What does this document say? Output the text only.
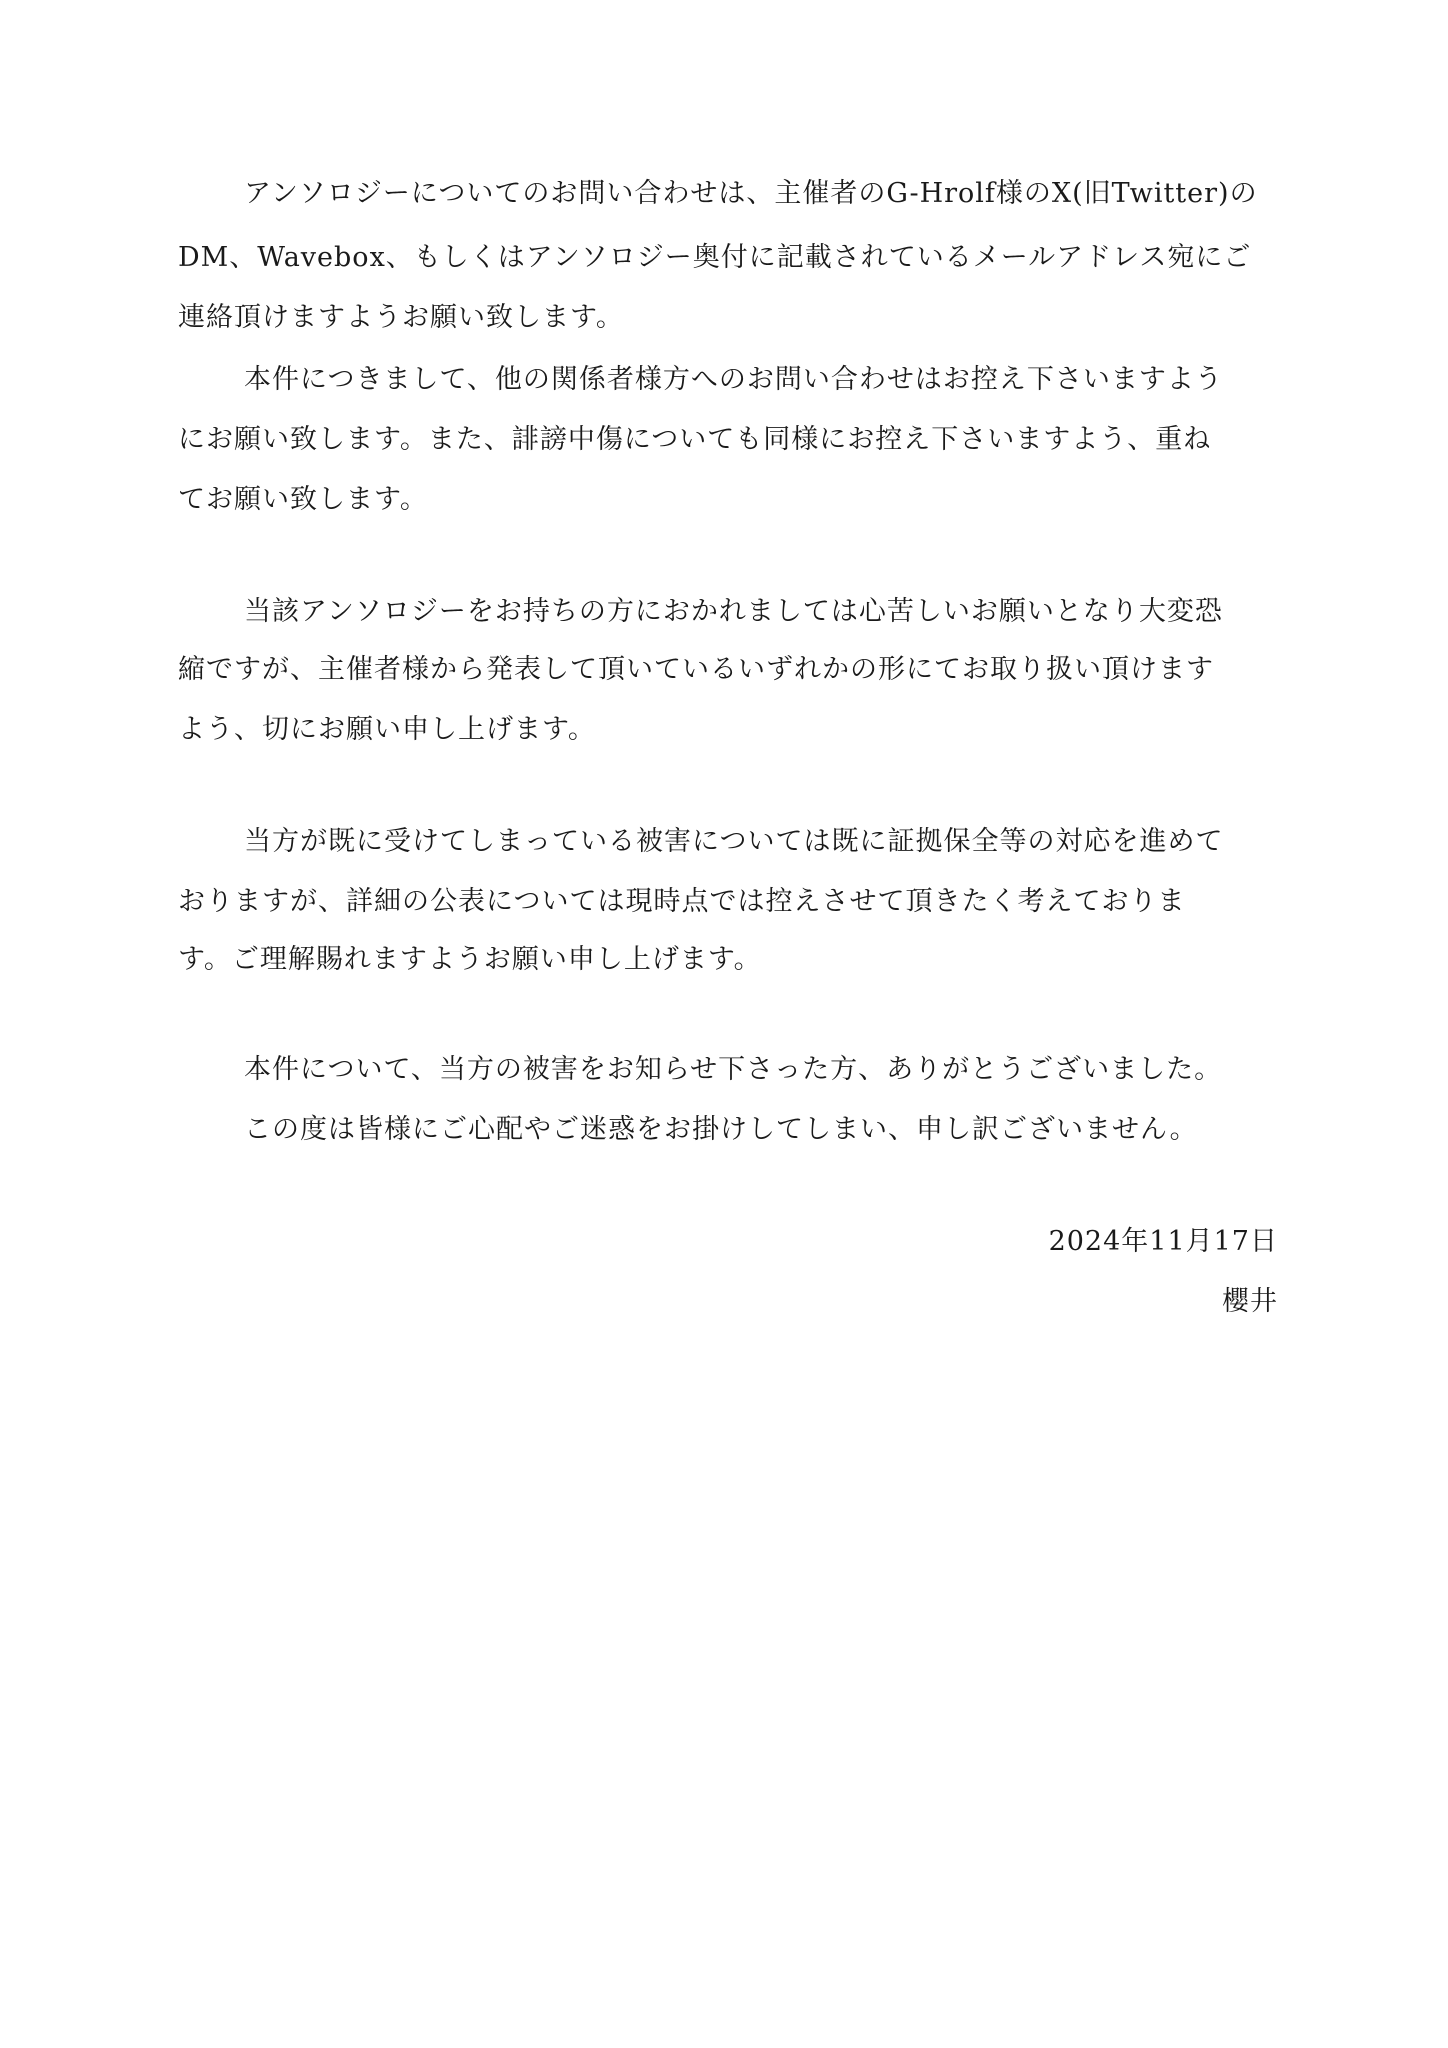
アンソロジーについてのお問い合わせは、主催者のG-Hrolf様のX(旧Twitter)の

DM、Wavebox、もしくはアンソロジー奥付に記載されているメールアドレス宛にご

連絡頂けますようお願い致します。

本件につきまして、他の関係者様方へのお問い合わせはお控え下さいますよう

にお願い致します。また、誹謗中傷についても同様にお控え下さいますよう、重ね

てお願い致します。

当該アンソロジーをお持ちの方におかれましては心苦しいお願いとなり大変恐

縮ですが、主催者様から発表して頂いているいずれかの形にてお取り扱い頂けます

よう、切にお願い申し上げます。

当方が既に受けてしまっている被害については既に証拠保全等の対応を進めて

おりますが、詳細の公表については現時点では控えさせて頂きたく考えておりま

す。ご理解賜れますようお願い申し上げます。

本件について、当方の被害をお知らせ下さった方、ありがとうございました。

この度は皆様にご心配やご迷惑をお掛けしてしまい、申し訳ございません。

2024年11月17日

櫻井
